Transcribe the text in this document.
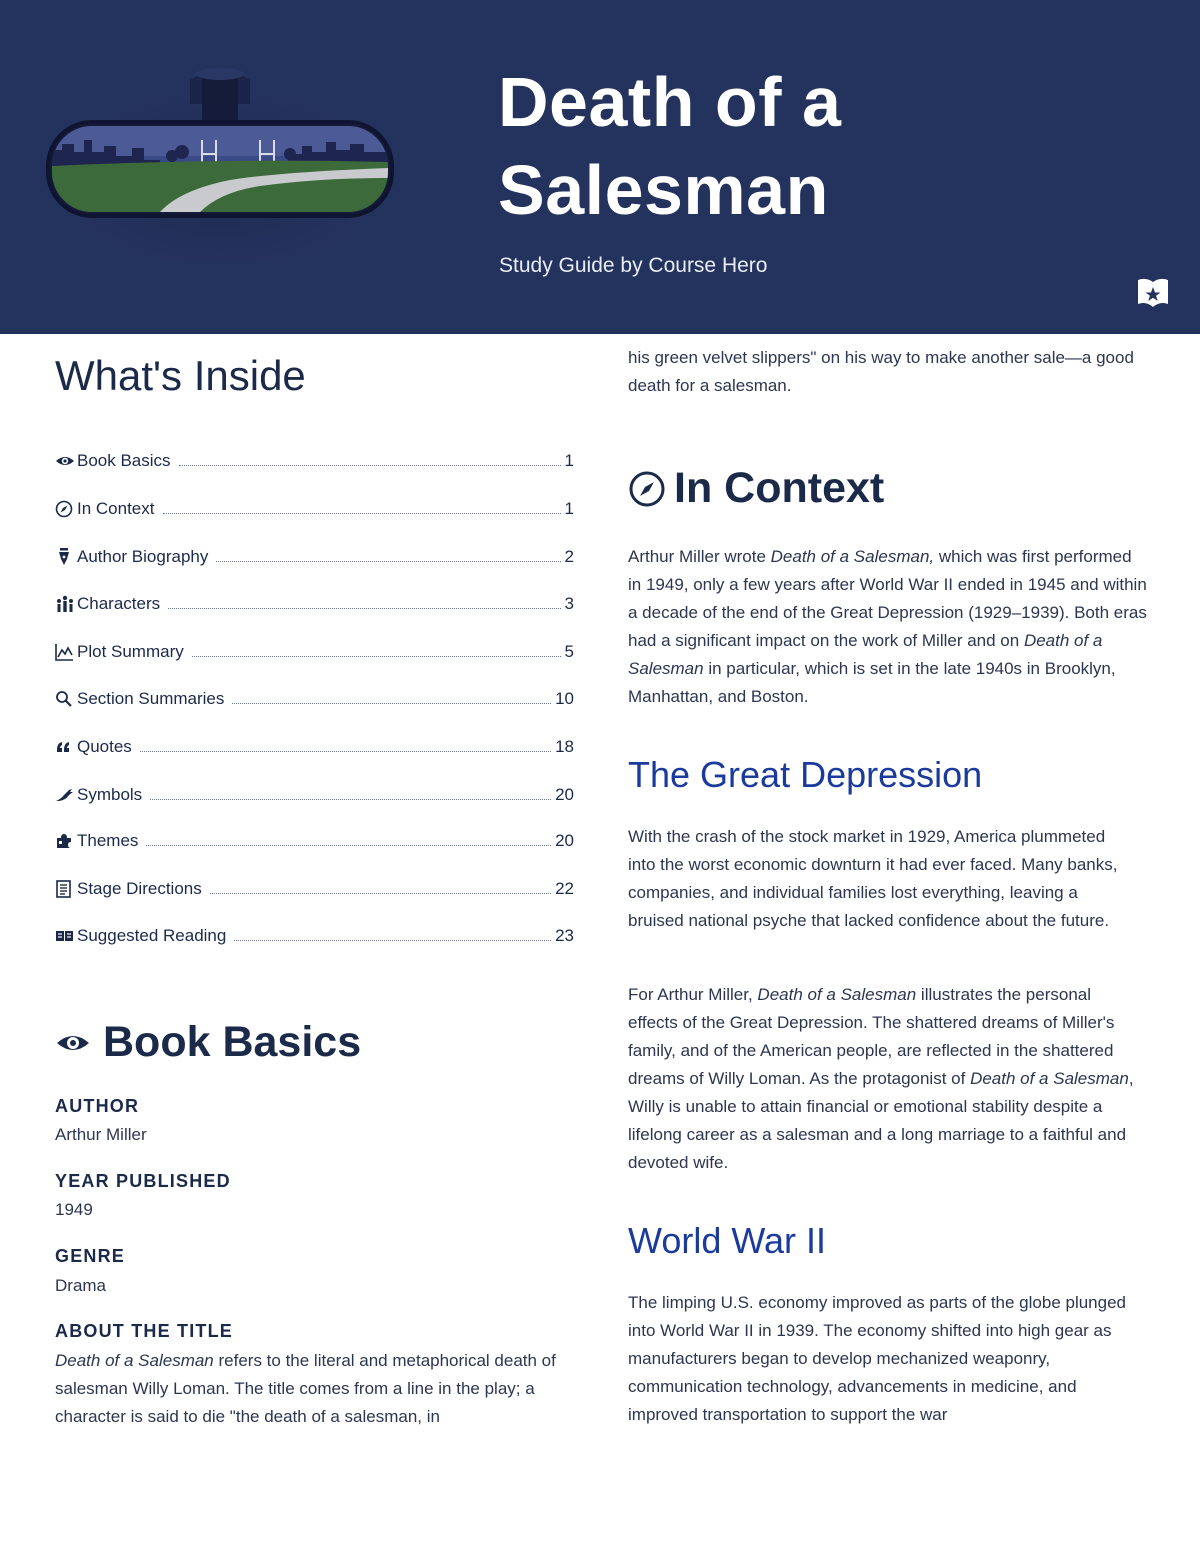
Death of a
Salesman
Study Guide by Course Hero
What's Inside
Book Basics	1
In Context	1
Author Biography	2
Characters	3
Plot Summary	5
Section Summaries	10
Quotes	18
Symbols	20
Themes	20
Stage Directions	22
Suggested Reading	23
Book Basics
AUTHOR
Arthur Miller
YEAR PUBLISHED
1949
GENRE
Drama
ABOUT THE TITLE

Death of a Salesman refers to the literal and metaphorical death of salesman Willy Loman. The title comes from a line in the play; a character is said to die "the death of a salesman, in

his green velvet slippers" on his way to make another sale—a good death for a salesman.

In Context

Arthur Miller wrote Death of a Salesman, which was first performed in 1949, only a few years after World War II ended in 1945 and within a decade of the end of the Great Depression (1929–1939). Both eras had a significant impact on the work of Miller and on Death of a Salesman in particular, which is set in the late 1940s in Brooklyn, Manhattan, and Boston.

The Great Depression

With the crash of the stock market in 1929, America plummeted into the worst economic downturn it had ever faced. Many banks, companies, and individual families lost everything, leaving a bruised national psyche that lacked confidence about the future.

For Arthur Miller, Death of a Salesman illustrates the personal effects of the Great Depression. The shattered dreams of Miller's family, and of the American people, are reflected in the shattered dreams of Willy Loman. As the protagonist of Death of a Salesman, Willy is unable to attain financial or emotional stability despite a lifelong career as a salesman and a long marriage to a faithful and devoted wife.

World War II

The limping U.S. economy improved as parts of the globe plunged into World War II in 1939. The economy shifted into high gear as manufacturers began to develop mechanized weaponry, communication technology, advancements in medicine, and improved transportation to support the war
